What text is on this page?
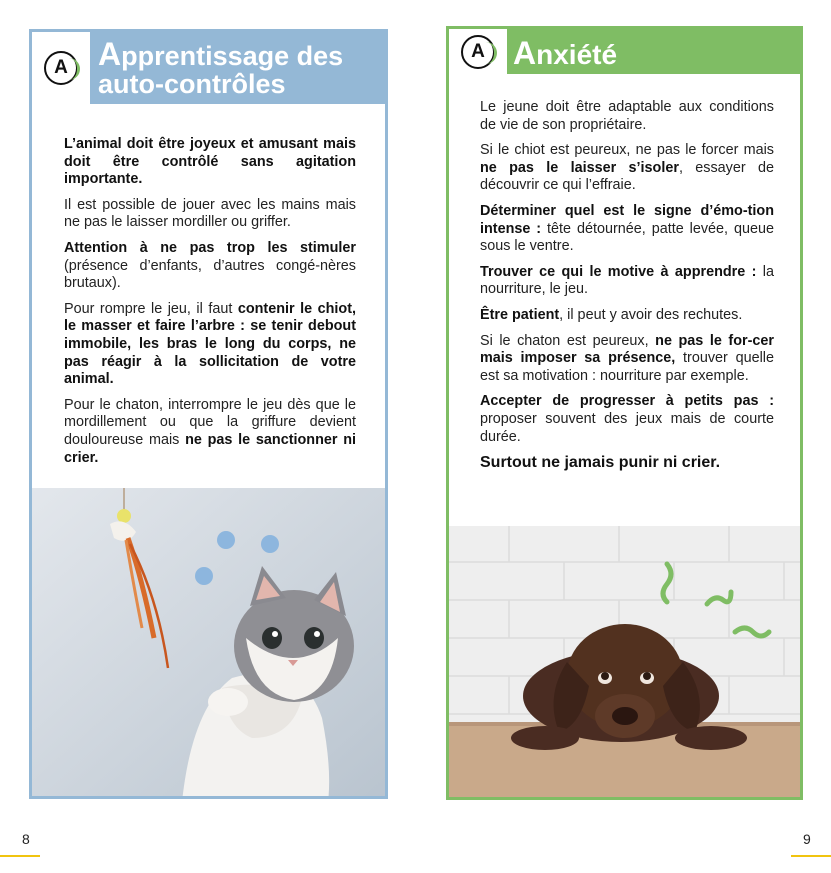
A Apprentissage des
auto-contrôles

L’animal doit être joyeux et amusant mais doit être contrôlé sans agitation importante.

Il est possible de jouer avec les mains mais ne pas le laisser mordiller ou griffer.

Attention à ne pas trop les stimuler (présence d’enfants, d’autres congé-nères brutaux).

Pour rompre le jeu, il faut contenir le chiot, le masser et faire l’arbre : se tenir debout immobile, les bras le long du corps, ne pas réagir à la sollicitation de votre animal.

Pour le chaton, interrompre le jeu dès que le mordillement ou que la griffure devient douloureuse mais ne pas le sanctionner ni crier.

A Anxiété

Le jeune doit être adaptable aux conditions de vie de son propriétaire.

Si le chiot est peureux, ne pas le forcer mais ne pas le laisser s’isoler, essayer de découvrir ce qui l’effraie.

Déterminer quel est le signe d’émo-tion intense : tête détournée, patte levée, queue sous le ventre.

Trouver ce qui le motive à apprendre : la nourriture, le jeu.

Être patient, il peut y avoir des rechutes.

Si le chaton est peureux, ne pas le for-cer mais imposer sa présence, trouver quelle est sa motivation : nourriture par exemple.

Accepter de progresser à petits pas : proposer souvent des jeux mais de courte durée.

Surtout ne jamais punir ni crier.

8	9
